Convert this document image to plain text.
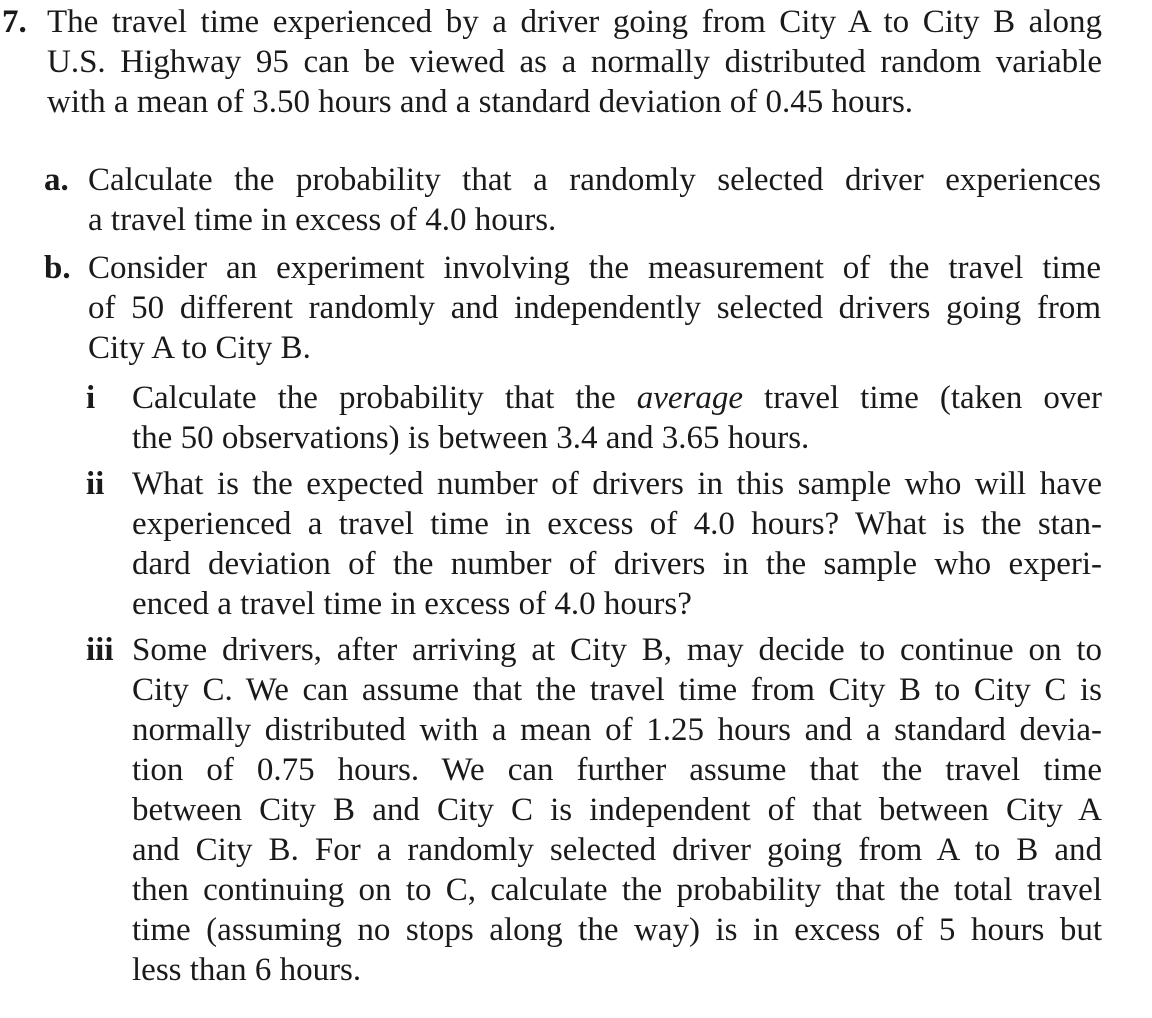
7. The travel time experienced by a driver going from City A to City B along
U.S. Highway 95 can be viewed as a normally distributed random variable
with a mean of 3.50 hours and a standard deviation of 0.45 hours.
a. Calculate the probability that a randomly selected driver experiences
a travel time in excess of 4.0 hours.
b. Consider an experiment involving the measurement of the travel time
of 50 different randomly and independently selected drivers going from
City A to City B.
i Calculate the probability that the average travel time (taken over
the 50 observations) is between 3.4 and 3.65 hours.
ii What is the expected number of drivers in this sample who will have
experienced a travel time in excess of 4.0 hours? What is the stan-
dard deviation of the number of drivers in the sample who experi-
enced a travel time in excess of 4.0 hours?
iii Some drivers, after arriving at City B, may decide to continue on to
City C. We can assume that the travel time from City B to City C is
normally distributed with a mean of 1.25 hours and a standard devia-
tion of 0.75 hours. We can further assume that the travel time
between City B and City C is independent of that between City A
and City B. For a randomly selected driver going from A to B and
then continuing on to C, calculate the probability that the total travel
time (assuming no stops along the way) is in excess of 5 hours but
less than 6 hours.
